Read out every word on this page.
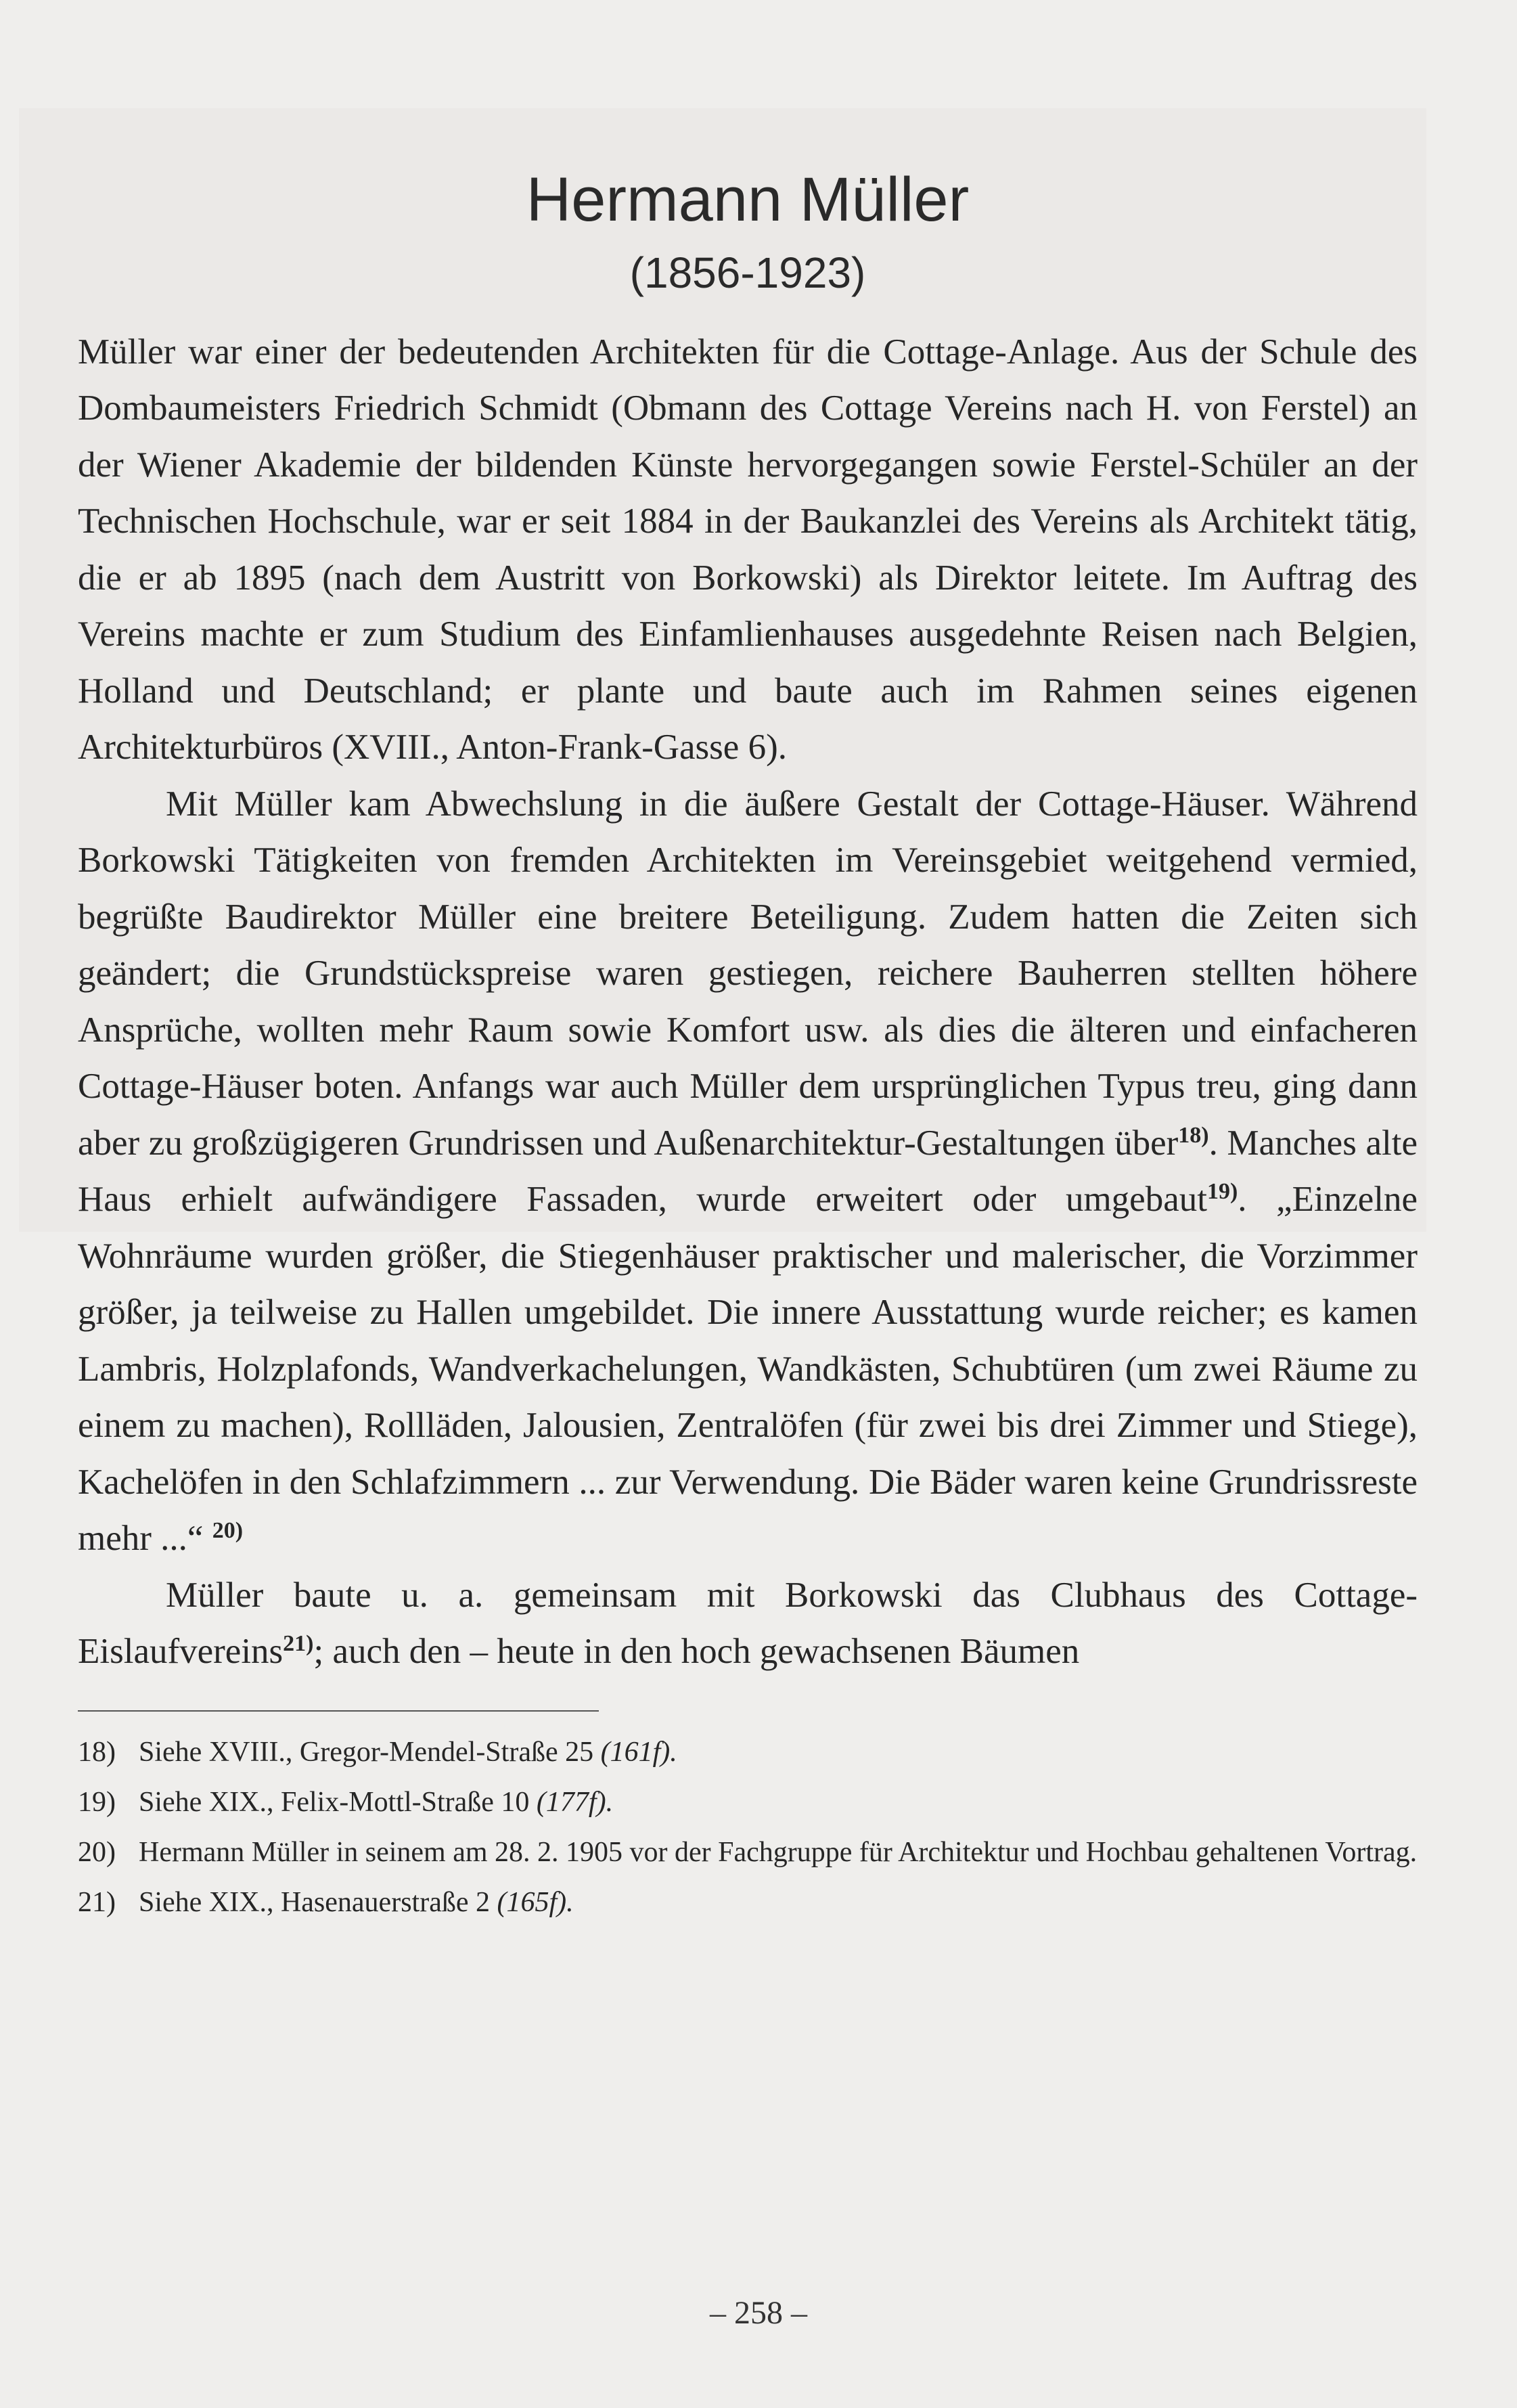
Hermann Müller
(1856-1923)

Müller war einer der bedeutenden Architekten für die Cottage-Anlage. Aus der Schule des Dombaumeisters Friedrich Schmidt (Obmann des Cottage Vereins nach H. von Ferstel) an der Wiener Akademie der bildenden Künste hervorgegangen sowie Ferstel-Schüler an der Technischen Hochschule, war er seit 1884 in der Baukanzlei des Vereins als Architekt tätig, die er ab 1895 (nach dem Austritt von Borkowski) als Direktor leitete. Im Auftrag des Vereins machte er zum Studium des Einfamlienhauses ausgedehnte Reisen nach Belgien, Holland und Deutschland; er plante und baute auch im Rahmen seines eigenen Architekturbüros (XVIII., Anton-Frank-Gasse 6).

Mit Müller kam Abwechslung in die äußere Gestalt der Cottage-Häuser. Während Borkowski Tätigkeiten von fremden Architekten im Vereinsgebiet weitgehend vermied, begrüßte Baudirektor Müller eine breitere Beteiligung. Zudem hatten die Zeiten sich geändert; die Grundstückspreise waren gestiegen, reichere Bauherren stellten höhere Ansprüche, wollten mehr Raum sowie Komfort usw. als dies die älteren und einfacheren Cottage-Häuser boten. Anfangs war auch Müller dem ursprünglichen Typus treu, ging dann aber zu großzügigeren Grundrissen und Außenarchitektur-Gestaltungen über$^{18)}$. Manches alte Haus erhielt aufwändigere Fassaden, wurde erweitert oder umgebaut$^{19)}$. „Einzelne Wohnräume wurden größer, die Stiegenhäuser praktischer und malerischer, die Vorzimmer größer, ja teilweise zu Hallen umgebildet. Die innere Ausstattung wurde reicher; es kamen Lambris, Holzplafonds, Wandverkachelungen, Wandkästen, Schubtüren (um zwei Räume zu einem zu machen), Rollläden, Jalousien, Zentralöfen (für zwei bis drei Zimmer und Stiege), Kachelöfen in den Schlafzimmern ... zur Verwendung. Die Bäder waren keine Grundrissreste mehr ...“ $^{20)}$

Müller baute u. a. gemeinsam mit Borkowski das Clubhaus des Cottage-Eislaufvereins$^{21)}$; auch den – heute in den hoch gewachsenen Bäumen

18) Siehe XVIII., Gregor-Mendel-Straße 25 (161f).
19) Siehe XIX., Felix-Mottl-Straße 10 (177f).
20) Hermann Müller in seinem am 28. 2. 1905 vor der Fachgruppe für Architektur und Hochbau gehaltenen Vortrag.
21) Siehe XIX., Hasenauerstraße 2 (165f).
– 258 –
